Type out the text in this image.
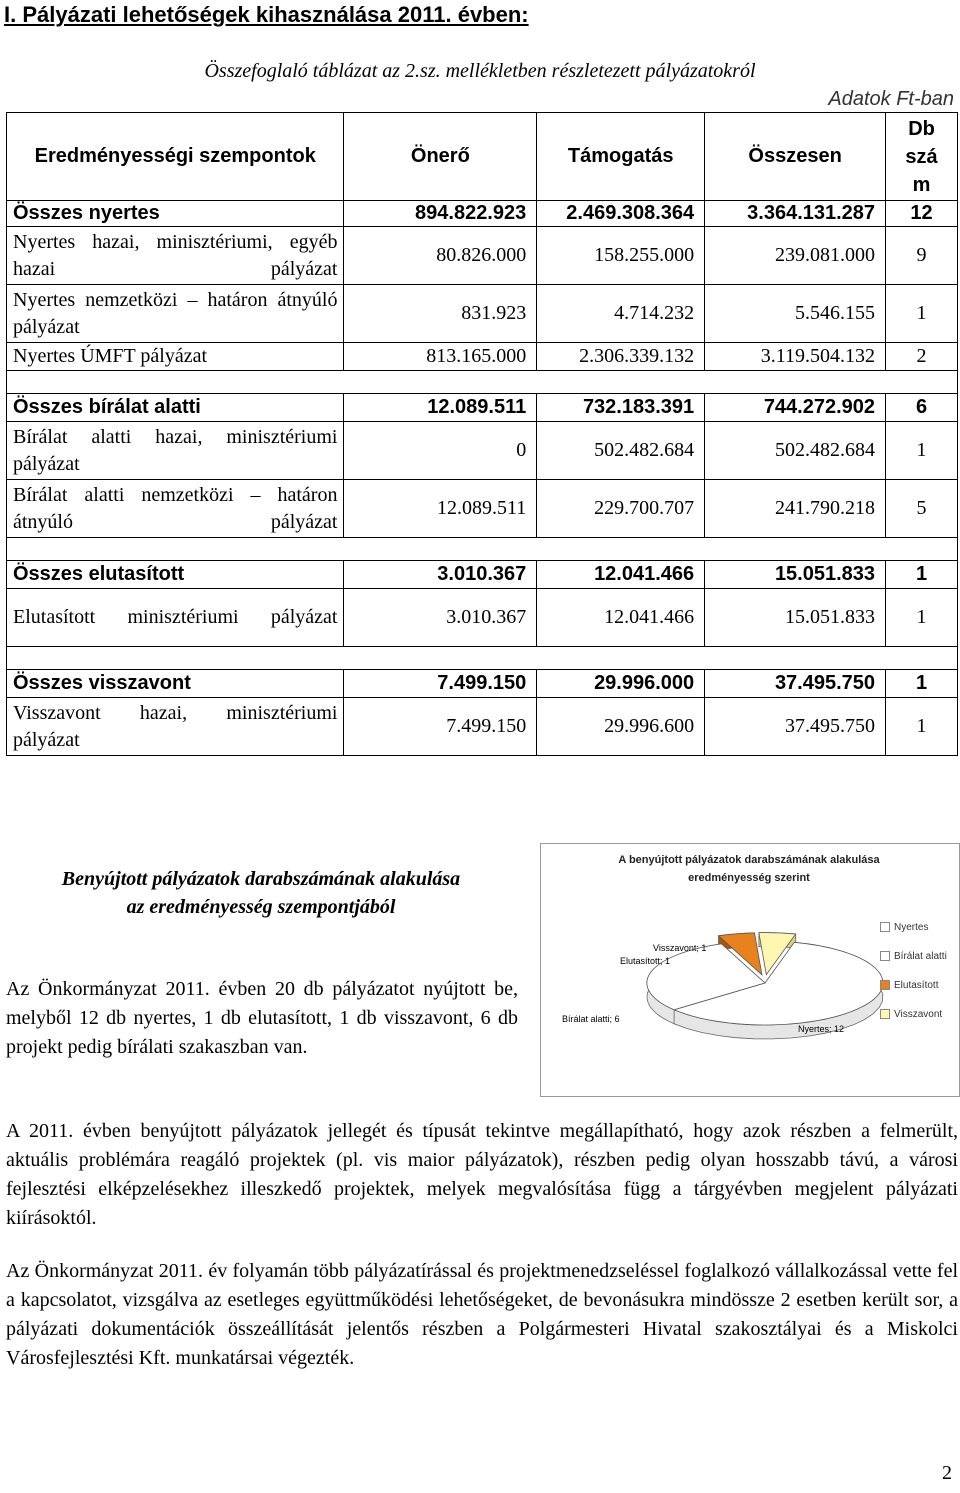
I. Pályázati lehetőségek kihasználása 2011. évben:
Összefoglaló táblázat az 2.sz. mellékletben részletezett pályázatokról
Adatok Ft-ban
Eredményességi szempontok	Önerő	Támogatás	Összesen	Db
szá
m

Összes nyertes	894.822.923	2.469.308.364	3.364.131.287	12
Nyertes hazai, minisztériumi, egyéb hazai pályázat	80.826.000	158.255.000	239.081.000	9
Nyertes nemzetközi – határon átnyúló pályázat	831.923	4.714.232	5.546.155	1
Nyertes ÚMFT pályázat	813.165.000	2.306.339.132	3.119.504.132	2

Összes bírálat alatti	12.089.511	732.183.391	744.272.902	6
Bírálat alatti hazai, minisztériumi pályázat	0	502.482.684	502.482.684	1
Bírálat alatti nemzetközi – határon átnyúló pályázat	12.089.511	229.700.707	241.790.218	5

Összes elutasított	3.010.367	12.041.466	15.051.833	1
Elutasított minisztériumi pályázat	3.010.367	12.041.466	15.051.833	1

Összes visszavont	7.499.150	29.996.000	37.495.750	1
Visszavont hazai, minisztériumi pályázat	7.499.150	29.996.600	37.495.750	1
Benyújtott pályázatok darabszámának alakulása
az eredményesség szempontjából
Az Önkormányzat 2011. évben 20 db pályázatot nyújtott be, melyből 12 db nyertes, 1 db elutasított, 1 db visszavont, 6 db projekt pedig bírálati szakaszban van.
A benyújtott pályázatok darabszámának alakulása
eredményesség szerint
Nyertes; 12
Bírálat alatti; 6
Elutasított; 1
Visszavont; 1
Nyertes
Bírálat alatti
Elutasított
Visszavont
A 2011. évben benyújtott pályázatok jellegét és típusát tekintve megállapítható, hogy azok részben a felmerült, aktuális problémára reagáló projektek (pl. vis maior pályázatok), részben pedig olyan hosszabb távú, a városi fejlesztési elképzelésekhez illeszkedő projektek, melyek megvalósítása függ a tárgyévben megjelent pályázati kiírásoktól.
Az Önkormányzat 2011. év folyamán több pályázatírással és projektmenedzseléssel foglalkozó vállalkozással vette fel a kapcsolatot, vizsgálva az esetleges együttműködési lehetőségeket, de bevonásukra mindössze 2 esetben került sor, a pályázati dokumentációk összeállítását jelentős részben a Polgármesteri Hivatal szakosztályai és a Miskolci Városfejlesztési Kft. munkatársai végezték.
2
